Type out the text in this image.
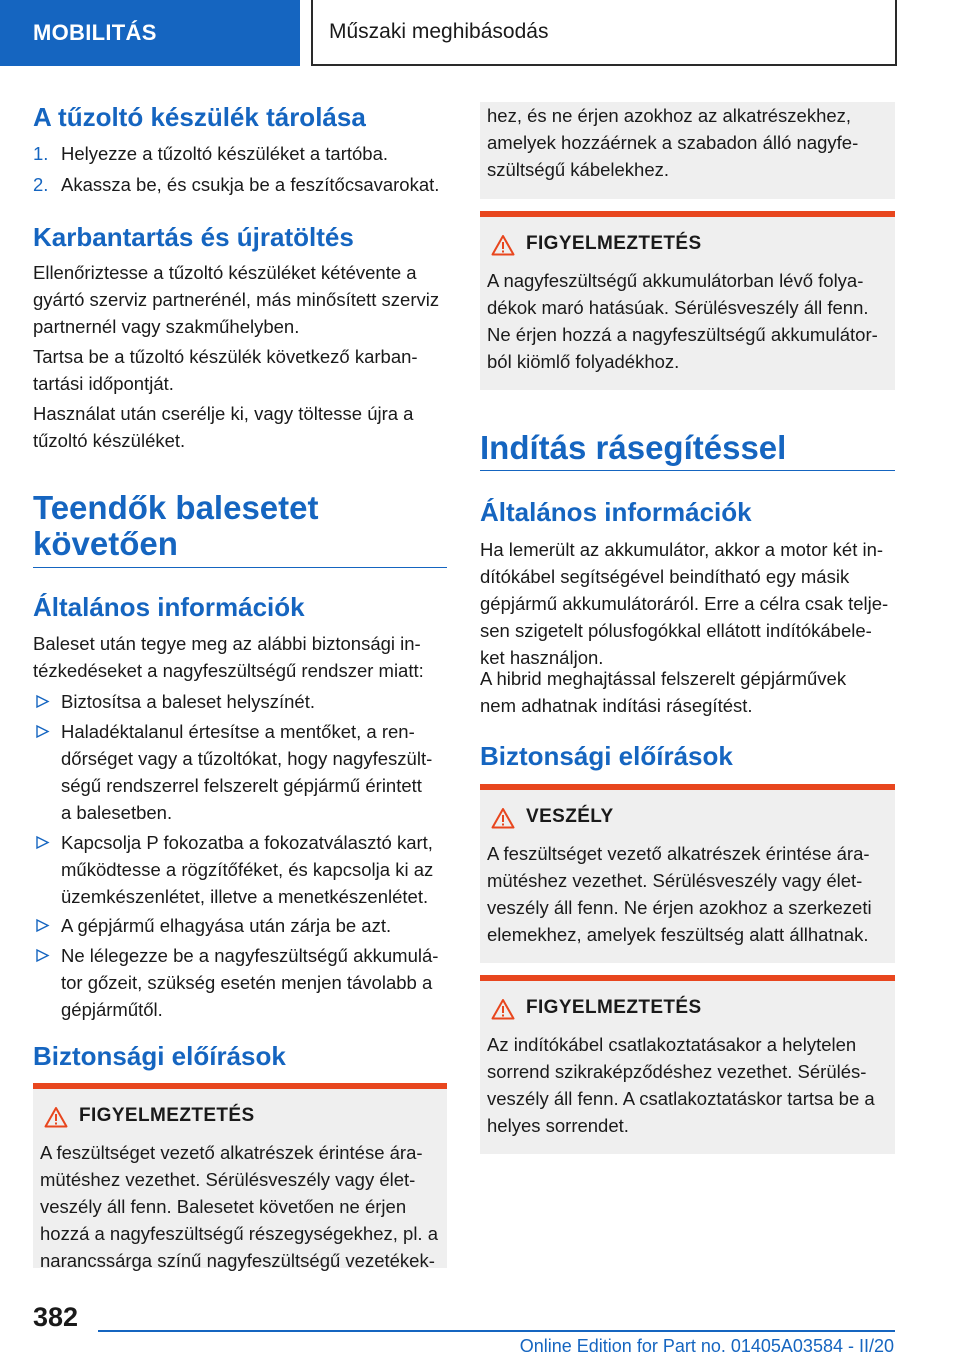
MOBILITÁS	Műszaki meghibásodás
A tűzoltó készülék tárolása
1. Helyezze a tűzoltó készüléket a tartóba.
2. Akassza be, és csukja be a feszítőcsavarokat.
Karbantartás és újratöltés
Ellenőriztesse a tűzoltó készüléket kétévente a
gyártó szerviz partnerénél, más minősített szerviz
partnernél vagy szakműhelyben.
Tartsa be a tűzoltó készülék következő karban-
tartási időpontját.
Használat után cserélje ki, vagy töltesse újra a
tűzoltó készüléket.
Teendők balesetet
követően
Általános információk
Baleset után tegye meg az alábbi biztonsági in-
tézkedéseket a nagyfeszültségű rendszer miatt:
Biztosítsa a baleset helyszínét.
Haladéktalanul értesítse a mentőket, a ren-
dőrséget vagy a tűzoltókat, hogy nagyfeszült-
ségű rendszerrel felszerelt gépjármű érintett
a balesetben.
Kapcsolja P fokozatba a fokozatválasztó kart,
működtesse a rögzítőféket, és kapcsolja ki az
üzemkészenlétet, illetve a menetkészenlétet.
A gépjármű elhagyása után zárja be azt.
Ne lélegezze be a nagyfeszültségű akkumulá-
tor gőzeit, szükség esetén menjen távolabb a
gépjárműtől.
Biztonsági előírások
FIGYELMEZTETÉS
A feszültséget vezető alkatrészek érintése ára-
mütéshez vezethet. Sérülésveszély vagy élet-
veszély áll fenn. Balesetet követően ne érjen
hozzá a nagyfeszültségű részegységekhez, pl. a
narancssárga színű nagyfeszültségű vezetékek-
hez, és ne érjen azokhoz az alkatrészekhez,
amelyek hozzáérnek a szabadon álló nagyfe-
szültségű kábelekhez.
FIGYELMEZTETÉS
A nagyfeszültségű akkumulátorban lévő folya-
dékok maró hatásúak. Sérülésveszély áll fenn.
Ne érjen hozzá a nagyfeszültségű akkumulátor-
ból kiömlő folyadékhoz.
Indítás rásegítéssel
Általános információk
Ha lemerült az akkumulátor, akkor a motor két in-
dítókábel segítségével beindítható egy másik
gépjármű akkumulátoráról. Erre a célra csak telje-
sen szigetelt pólusfogókkal ellátott indítókábele-
ket használjon.
A hibrid meghajtással felszerelt gépjárművek
nem adhatnak indítási rásegítést.
Biztonsági előírások
VESZÉLY
A feszültséget vezető alkatrészek érintése ára-
mütéshez vezethet. Sérülésveszély vagy élet-
veszély áll fenn. Ne érjen azokhoz a szerkezeti
elemekhez, amelyek feszültség alatt állhatnak.
FIGYELMEZTETÉS
Az indítókábel csatlakoztatásakor a helytelen
sorrend szikraképződéshez vezethet. Sérülés-
veszély áll fenn. A csatlakoztatáskor tartsa be a
helyes sorrendet.
382
Online Edition for Part no. 01405A03584 - II/20
